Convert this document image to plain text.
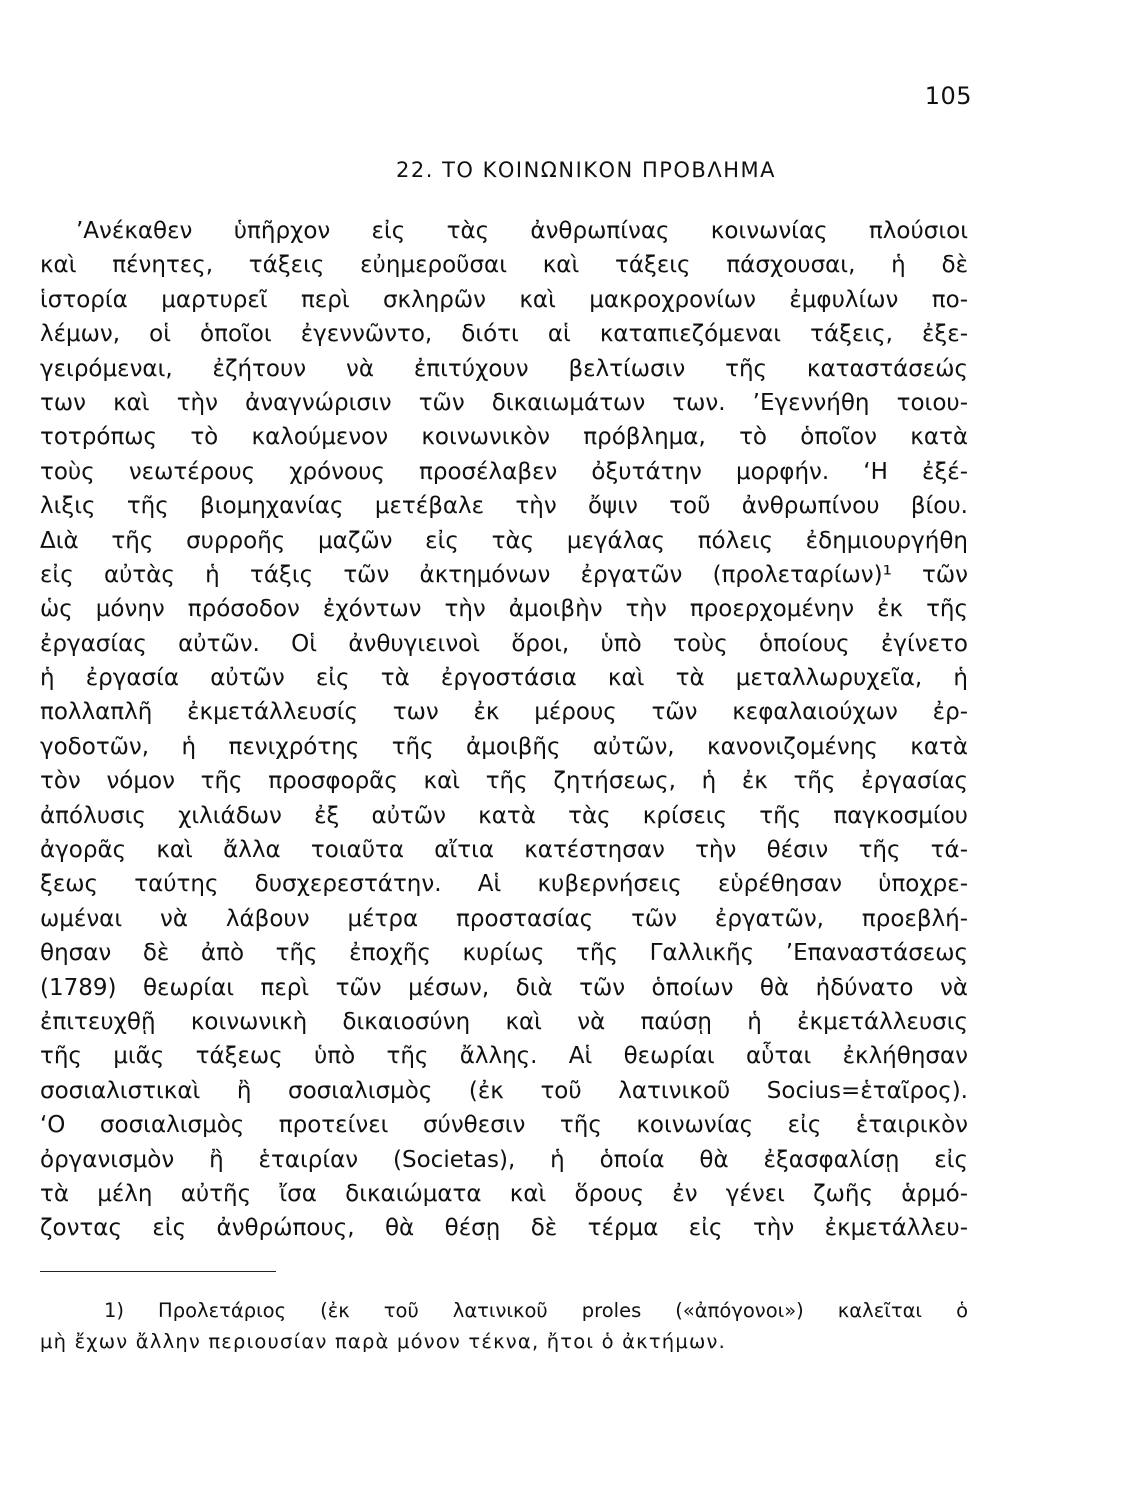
105
22. ΤΟ ΚΟΙΝΩΝΙΚΟΝ ΠΡΟΒΛΗΜΑ
’Ανέκαθεν ὑπῆρχον εἰς τὰς ἀνθρωπίνας κοινωνίας πλούσιοι
καὶ πένητες, τάξεις εὐημεροῦσαι καὶ τάξεις πάσχουσαι, ἡ δὲ
ἱστορία μαρτυρεῖ περὶ σκληρῶν καὶ μακροχρονίων ἐμφυλίων πο-
λέμων, οἱ ὁποῖοι ἐγεννῶντο, διότι αἱ καταπιεζόμεναι τάξεις, ἐξε-
γειρόμεναι, ἐζήτουν νὰ ἐπιτύχουν βελτίωσιν τῆς καταστάσεώς
των καὶ τὴν ἀναγνώρισιν τῶν δικαιωμάτων των. ’Εγεννήθη τοιου-
τοτρόπως τὸ καλούμενον κοινωνικὸν πρόβλημα, τὸ ὁποῖον κατὰ
τοὺς νεωτέρους χρόνους προσέλαβεν ὀξυτάτην μορφήν. ‘Η ἐξέ-
λιξις τῆς βιομηχανίας μετέβαλε τὴν ὄψιν τοῦ ἀνθρωπίνου βίου.
Διὰ τῆς συρροῆς μαζῶν εἰς τὰς μεγάλας πόλεις ἐδημιουργήθη
εἰς αὐτὰς ἡ τάξις τῶν ἀκτημόνων ἐργατῶν (προλεταρίων)¹ τῶν
ὡς μόνην πρόσοδον ἐχόντων τὴν ἀμοιβὴν τὴν προερχομένην ἐκ τῆς
ἐργασίας αὐτῶν. Οἱ ἀνθυγιεινοὶ ὅροι, ὑπὸ τοὺς ὁποίους ἐγίνετο
ἡ ἐργασία αὐτῶν εἰς τὰ ἐργοστάσια καὶ τὰ μεταλλωρυχεῖα, ἡ
πολλαπλῆ ἐκμετάλλευσίς των ἐκ μέρους τῶν κεφαλαιούχων ἐρ-
γοδοτῶν, ἡ πενιχρότης τῆς ἀμοιβῆς αὐτῶν, κανονιζομένης κατὰ
τὸν νόμον τῆς προσφορᾶς καὶ τῆς ζητήσεως, ἡ ἐκ τῆς ἐργασίας
ἀπόλυσις χιλιάδων ἐξ αὐτῶν κατὰ τὰς κρίσεις τῆς παγκοσμίου
ἀγορᾶς καὶ ἄλλα τοιαῦτα αἴτια κατέστησαν τὴν θέσιν τῆς τά-
ξεως ταύτης δυσχερεστάτην. Αἱ κυβερνήσεις εὑρέθησαν ὑποχρε-
ωμέναι νὰ λάβουν μέτρα προστασίας τῶν ἐργατῶν, προεβλή-
θησαν δὲ ἀπὸ τῆς ἐποχῆς κυρίως τῆς Γαλλικῆς ’Επαναστάσεως
(1789) θεωρίαι περὶ τῶν μέσων, διὰ τῶν ὁποίων θὰ ἠδύνατο νὰ
ἐπιτευχθῇ κοινωνικὴ δικαιοσύνη καὶ νὰ παύσῃ ἡ ἐκμετάλλευσις
τῆς μιᾶς τάξεως ὑπὸ τῆς ἄλλης. Αἱ θεωρίαι αὗται ἐκλήθησαν
σοσιαλιστικαὶ ἢ σοσιαλισμὸς (ἐκ τοῦ λατινικοῦ Socius=ἑταῖρος).
‘Ο σοσιαλισμὸς προτείνει σύνθεσιν τῆς κοινωνίας εἰς ἑταιρικὸν
ὀργανισμὸν ἢ ἑταιρίαν (Societas), ἡ ὁποία θὰ ἐξασφαλίσῃ εἰς
τὰ μέλη αὐτῆς ἴσα δικαιώματα καὶ ὅρους ἐν γένει ζωῆς ἁρμό-
ζοντας εἰς ἀνθρώπους, θὰ θέσῃ δὲ τέρμα εἰς τὴν ἐκμετάλλευ-
1) Προλετάριος (ἐκ τοῦ λατινικοῦ proles («ἀπόγονοι») καλεῖται ὁ
μὴ ἔχων ἄλλην περιουσίαν παρὰ μόνον τέκνα, ἤτοι ὁ ἀκτήμων.
